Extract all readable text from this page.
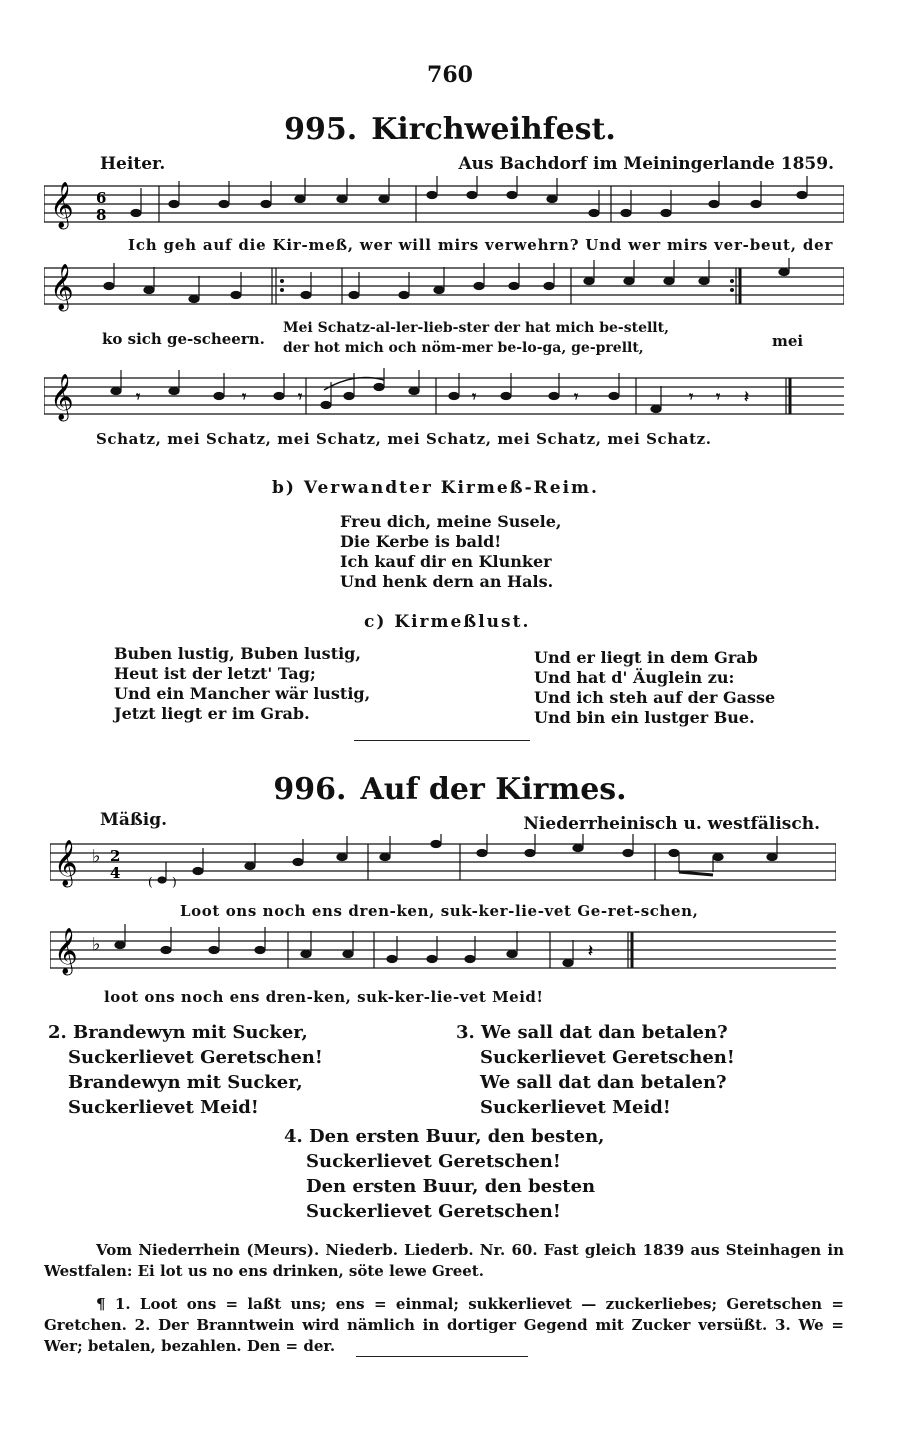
760
995. Kirchweihfest.
Heiter.	Aus Bachdorf im Meiningerlande 1859.
𝄞 6
8
Ich geh auf die Kir-meß, wer will mirs verwehrn? Und wer mirs ver-beut, der
𝄞
ko sich ge-scheern.
Mei Schatz-al-ler-lieb-ster der hat mich be-stellt,
der hot mich och nöm-mer be-lo-ga, ge-prellt,	mei
𝄞	𝄾	𝄾	𝄾	𝄾	𝄾	𝄾 𝄾 𝄽
Schatz, mei Schatz, mei Schatz, mei Schatz, mei Schatz, mei Schatz.
b) Verwandter Kirmeß-Reim.
Freu dich, meine Susele,
Die Kerbe is bald!
Ich kauf dir en Klunker
Und henk dern an Hals.
c) Kirmeßlust.
Buben lustig, Buben lustig,
Heut ist der letzt' Tag;
Und ein Mancher wär lustig,
Jetzt liegt er im Grab.
Und er liegt in dem Grab
Und hat d' Äuglein zu:
Und ich steh auf der Gasse
Und bin ein lustger Bue.
996. Auf der Kirmes.
Mäßig.	Niederrheinisch u. westfälisch.
𝄞 ♭ 2
4 ( )
Loot ons noch ens dren-ken, suk-ker-lie-vet Ge-ret-schen,
𝄞 ♭	𝄽
loot ons noch ens dren-ken, suk-ker-lie-vet Meid!
2. Brandewyn mit Sucker,
Suckerlievet Geretschen!
Brandewyn mit Sucker,
Suckerlievet Meid!
3. We sall dat dan betalen?
Suckerlievet Geretschen!
We sall dat dan betalen?
Suckerlievet Meid!
4. Den ersten Buur, den besten,
Suckerlievet Geretschen!
Den ersten Buur, den besten
Suckerlievet Geretschen!
Vom Niederrhein (Meurs). Niederb. Liederb. Nr. 60. Fast gleich 1839 aus Steinhagen in Westfalen: Ei lot us no ens drinken, söte lewe Greet.
¶ 1. Loot ons = laßt uns; ens = einmal; sukkerlievet — zuckerliebes; Geretschen = Gretchen. 2. Der Branntwein wird nämlich in dortiger Gegend mit Zucker versüßt. 3. We = Wer; betalen, bezahlen. Den = der.
